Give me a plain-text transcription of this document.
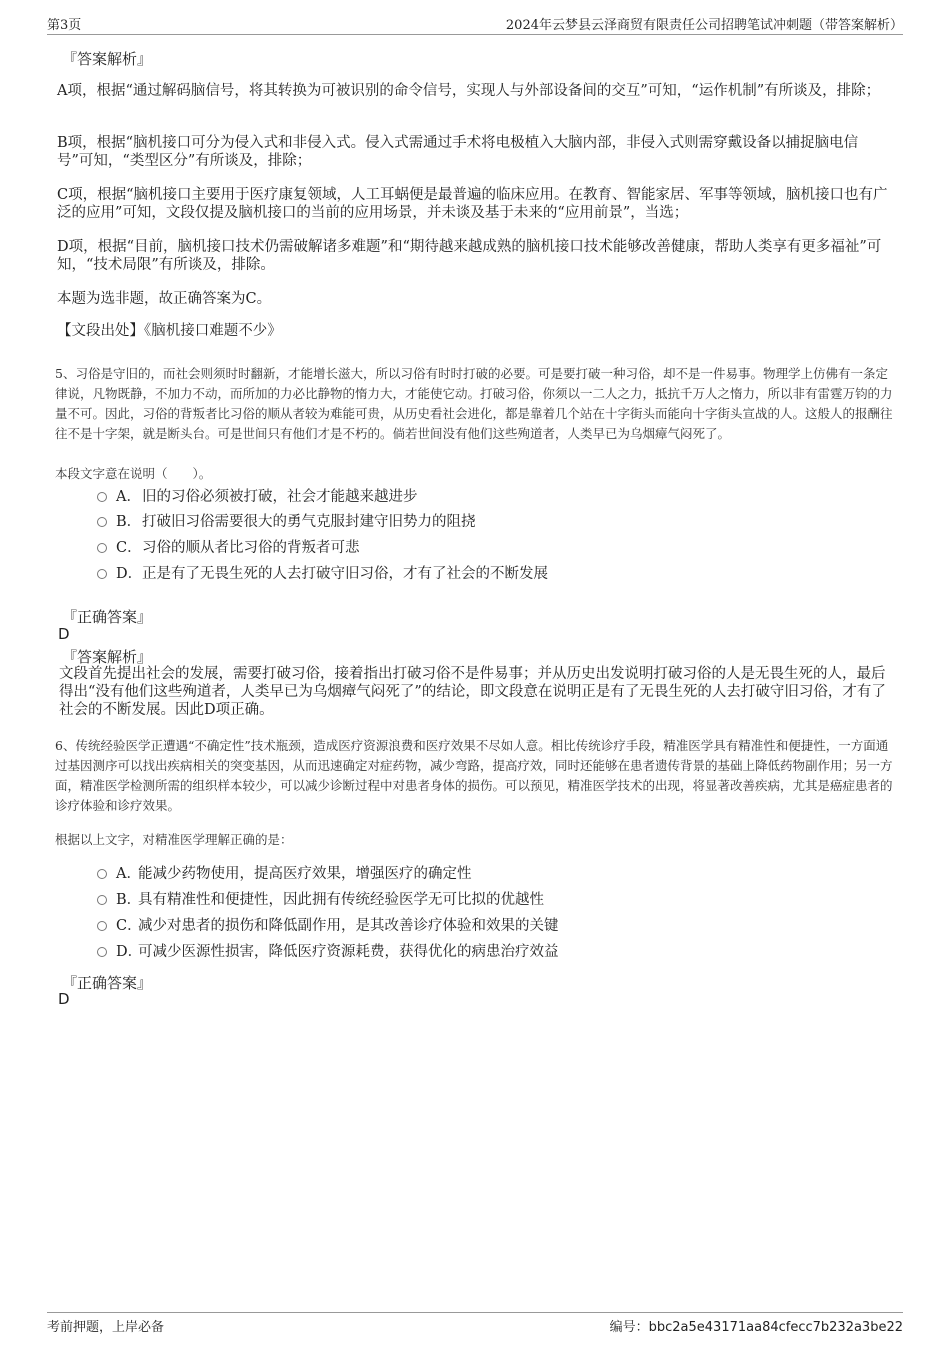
第3页	2024年云梦县云泽商贸有限责任公司招聘笔试冲刺题（带答案解析）
『答案解析』

A项，根据“通过解码脑信号，将其转换为可被识别的命令信号，实现人与外部设备间的交互”可知，“运作机制”有所谈及，排除；

B项，根据“脑机接口可分为侵入式和非侵入式。侵入式需通过手术将电极植入大脑内部，非侵入式则需穿戴设备以捕捉脑电信号”可知，“类型区分”有所谈及，排除；

C项，根据“脑机接口主要用于医疗康复领域，人工耳蜗便是最普遍的临床应用。在教育、智能家居、军事等领域，脑机接口也有广泛的应用”可知，文段仅提及脑机接口的当前的应用场景，并未谈及基于未来的“应用前景”，当选；

D项，根据“目前，脑机接口技术仍需破解诸多难题”和“期待越来越成熟的脑机接口技术能够改善健康，帮助人类享有更多福祉”可知，“技术局限”有所谈及，排除。

本题为选非题，故正确答案为C。

【文段出处】《脑机接口难题不少》

5、习俗是守旧的，而社会则须时时翻新，才能增长滋大，所以习俗有时时打破的必要。可是要打破一种习俗，却不是一件易事。物理学上仿佛有一条定律说，凡物既静，不加力不动，而所加的力必比静物的惰力大，才能使它动。打破习俗，你须以一二人之力，抵抗千万人之惰力，所以非有雷霆万钧的力量不可。因此，习俗的背叛者比习俗的顺从者较为难能可贵，从历史看社会进化，都是靠着几个站在十字街头而能向十字街头宣战的人。这般人的报酬往往不是十字架，就是断头台。可是世间只有他们才是不朽的。倘若世间没有他们这些殉道者，人类早已为乌烟瘴气闷死了。

本段文字意在说明（　　）。

A．旧的习俗必须被打破，社会才能越来越进步
B．打破旧习俗需要很大的勇气克服封建守旧势力的阻挠
C．习俗的顺从者比习俗的背叛者可悲
D．正是有了无畏生死的人去打破守旧习俗，才有了社会的不断发展
『正确答案』
D
『答案解析』

文段首先提出社会的发展，需要打破习俗，接着指出打破习俗不是件易事；并从历史出发说明打破习俗的人是无畏生死的人，最后得出“没有他们这些殉道者，人类早已为乌烟瘴气闷死了”的结论，即文段意在说明正是有了无畏生死的人去打破守旧习俗，才有了社会的不断发展。因此D项正确。

6、传统经验医学正遭遇“不确定性”技术瓶颈，造成医疗资源浪费和医疗效果不尽如人意。相比传统诊疗手段，精准医学具有精准性和便捷性，一方面通过基因测序可以找出疾病相关的突变基因，从而迅速确定对症药物，减少弯路，提高疗效，同时还能够在患者遗传背景的基础上降低药物副作用；另一方面，精准医学检测所需的组织样本较少，可以减少诊断过程中对患者身体的损伤。可以预见，精准医学技术的出现，将显著改善疾病，尤其是癌症患者的诊疗体验和诊疗效果。

根据以上文字，对精准医学理解正确的是：

A．能减少药物使用，提高医疗效果，增强医疗的确定性
B．具有精准性和便捷性，因此拥有传统经验医学无可比拟的优越性
C．减少对患者的损伤和降低副作用，是其改善诊疗体验和效果的关键
D．可减少医源性损害，降低医疗资源耗费，获得优化的病患治疗效益
『正确答案』
D
考前押题，上岸必备	编号：bbc2a5e43171aa84cfecc7b232a3be22
